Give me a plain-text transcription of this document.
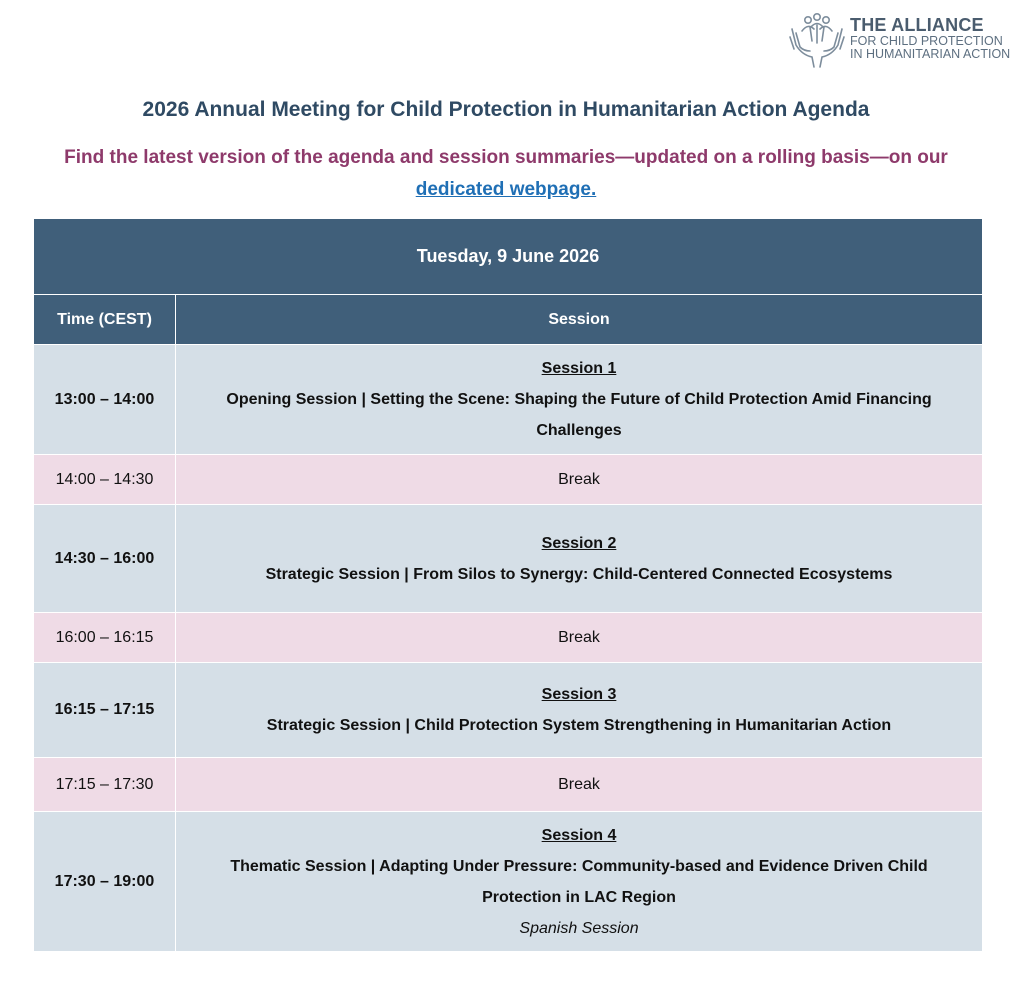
THE ALLIANCE
FOR CHILD PROTECTION
IN HUMANITARIAN ACTION
2026 Annual Meeting for Child Protection in Humanitarian Action Agenda
Find the latest version of the agenda and session summaries—updated on a rolling basis—on our dedicated webpage.
Tuesday, 9 June 2026	
Time (CEST)	Session
13:00 – 14:00	Session 1
Opening Session | Setting the Scene: Shaping the Future of Child Protection Amid Financing Challenges

14:00 – 14:30	Break
14:30 – 16:00	Session 2
Strategic Session | From Silos to Synergy: Child-Centered Connected Ecosystems

16:00 – 16:15	Break
16:15 – 17:15	Session 3
Strategic Session | Child Protection System Strengthening in Humanitarian Action

17:15 – 17:30	Break
17:30 – 19:00	Session 4
Thematic Session | Adapting Under Pressure: Community-based and Evidence Driven Child Protection in LAC Region
Spanish Session
